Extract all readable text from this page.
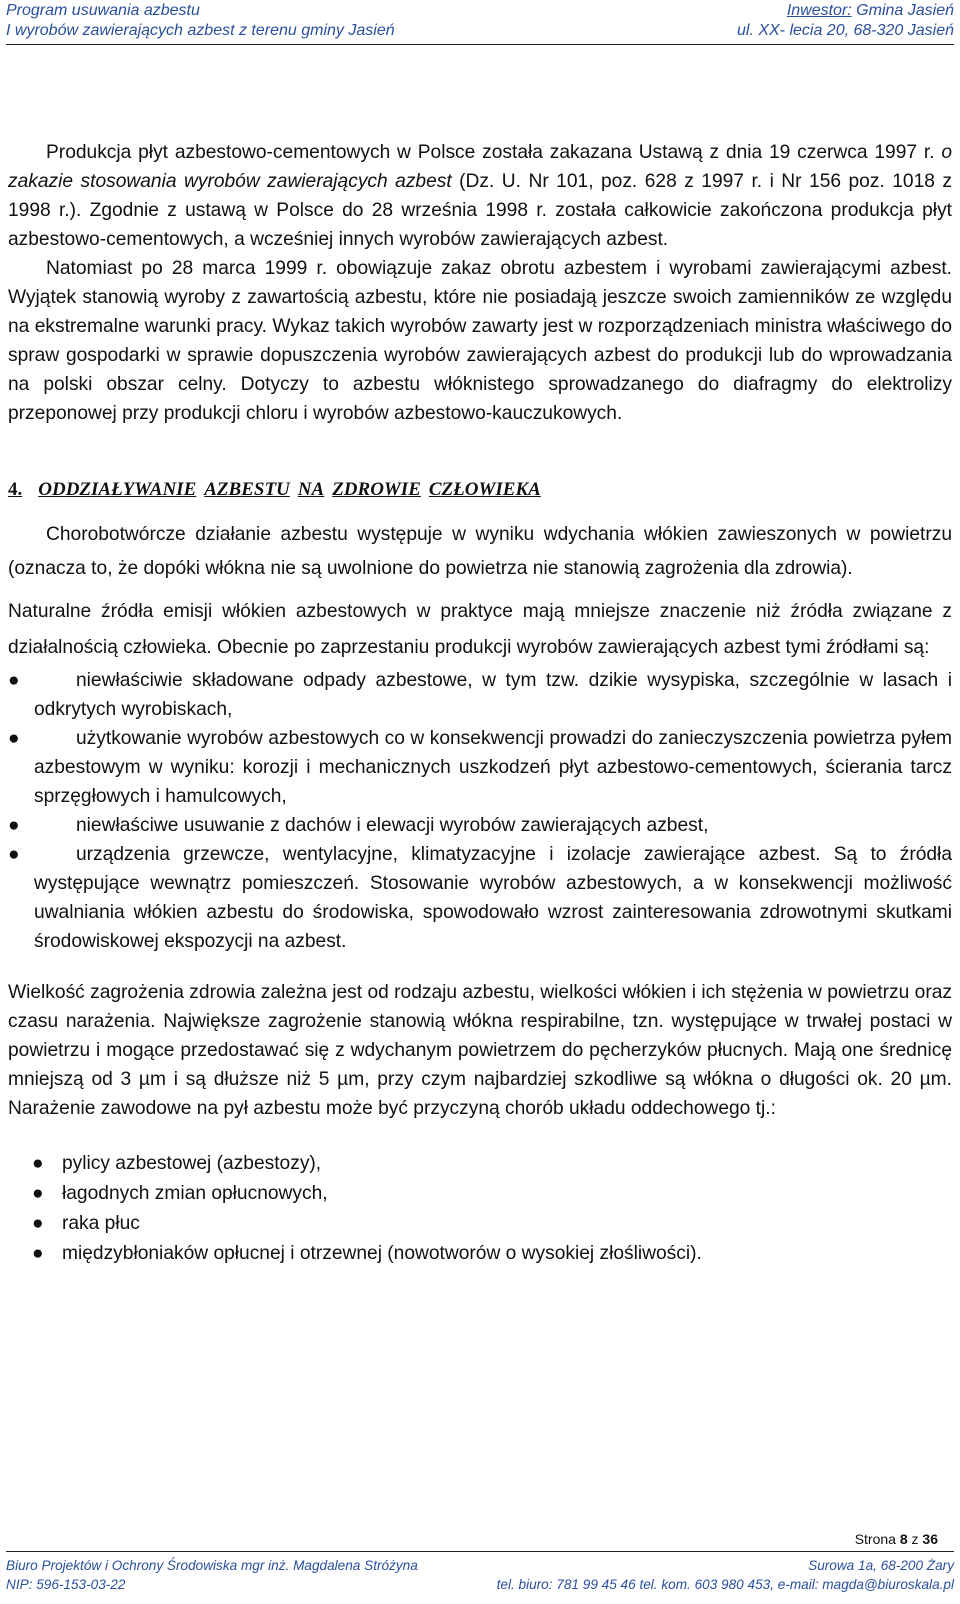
Program usuwania azbestu
I wyrobów zawierających azbest z terenu gminy Jasień
Inwestor: Gmina Jasień
ul. XX- lecia 20, 68-320 Jasień

Produkcja płyt azbestowo-cementowych w Polsce została zakazana Ustawą z dnia 19 czerwca 1997 r. o zakazie stosowania wyrobów zawierających azbest (Dz. U. Nr 101, poz. 628 z 1997 r. i Nr 156 poz. 1018 z 1998 r.). Zgodnie z ustawą w Polsce do 28 września 1998 r. została całkowicie zakończona produkcja płyt azbestowo-cementowych, a wcześniej innych wyrobów zawierających azbest.

Natomiast po 28 marca 1999 r. obowiązuje zakaz obrotu azbestem i wyrobami zawierającymi azbest. Wyjątek stanowią wyroby z zawartością azbestu, które nie posiadają jeszcze swoich zamienników ze względu na ekstremalne warunki pracy. Wykaz takich wyrobów zawarty jest w rozporządzeniach ministra właściwego do spraw gospodarki w sprawie dopuszczenia wyrobów zawierających azbest do produkcji lub do wprowadzania na polski obszar celny. Dotyczy to azbestu włóknistego sprowadzanego do diafragmy do elektrolizy przeponowej przy produkcji chloru i wyrobów azbestowo-kauczukowych.

4. ODDZIAŁYWANIE AZBESTU NA ZDROWIE CZŁOWIEKA

Chorobotwórcze działanie azbestu występuje w wyniku wdychania włókien zawieszonych w powietrzu (oznacza to, że dopóki włókna nie są uwolnione do powietrza nie stanowią zagrożenia dla zdrowia).

Naturalne źródła emisji włókien azbestowych w praktyce mają mniejsze znaczenie niż źródła związane z działalnością człowieka. Obecnie po zaprzestaniu produkcji wyrobów zawierających azbest tymi źródłami są:

●	niewłaściwie składowane odpady azbestowe, w tym tzw. dzikie wysypiska, szczególnie w lasach i odkrytych wyrobiskach,
●	użytkowanie wyrobów azbestowych co w konsekwencji prowadzi do zanieczyszczenia powietrza pyłem azbestowym w wyniku: korozji i mechanicznych uszkodzeń płyt azbestowo-cementowych, ścierania tarcz sprzęgłowych i hamulcowych,
●	niewłaściwe usuwanie z dachów i elewacji wyrobów zawierających azbest,
●	urządzenia grzewcze, wentylacyjne, klimatyzacyjne i izolacje zawierające azbest. Są to źródła występujące wewnątrz pomieszczeń. Stosowanie wyrobów azbestowych, a w konsekwencji możliwość uwalniania włókien azbestu do środowiska, spowodowało wzrost zainteresowania zdrowotnymi skutkami środowiskowej ekspozycji na azbest.

Wielkość zagrożenia zdrowia zależna jest od rodzaju azbestu, wielkości włókien i ich stężenia w powietrzu oraz czasu narażenia. Największe zagrożenie stanowią włókna respirabilne, tzn. występujące w trwałej postaci w powietrzu i mogące przedostawać się z wdychanym powietrzem do pęcherzyków płucnych. Mają one średnicę mniejszą od 3 µm i są dłuższe niż 5 µm, przy czym najbardziej szkodliwe są włókna o długości ok. 20 µm. Narażenie zawodowe na pył azbestu może być przyczyną chorób układu oddechowego tj.:

● pylicy azbestowej (azbestozy),
● łagodnych zmian opłucnowych,
● raka płuc
● międzybłoniaków opłucnej i otrzewnej (nowotworów o wysokiej złośliwości).
Strona 8 z 36
Biuro Projektów i Ochrony Środowiska mgr inż. Magdalena Stróżyna
NIP: 596-153-03-22
Surowa 1a, 68-200 Żary
tel. biuro: 781 99 45 46 tel. kom. 603 980 453, e-mail: magda@biuroskala.pl
